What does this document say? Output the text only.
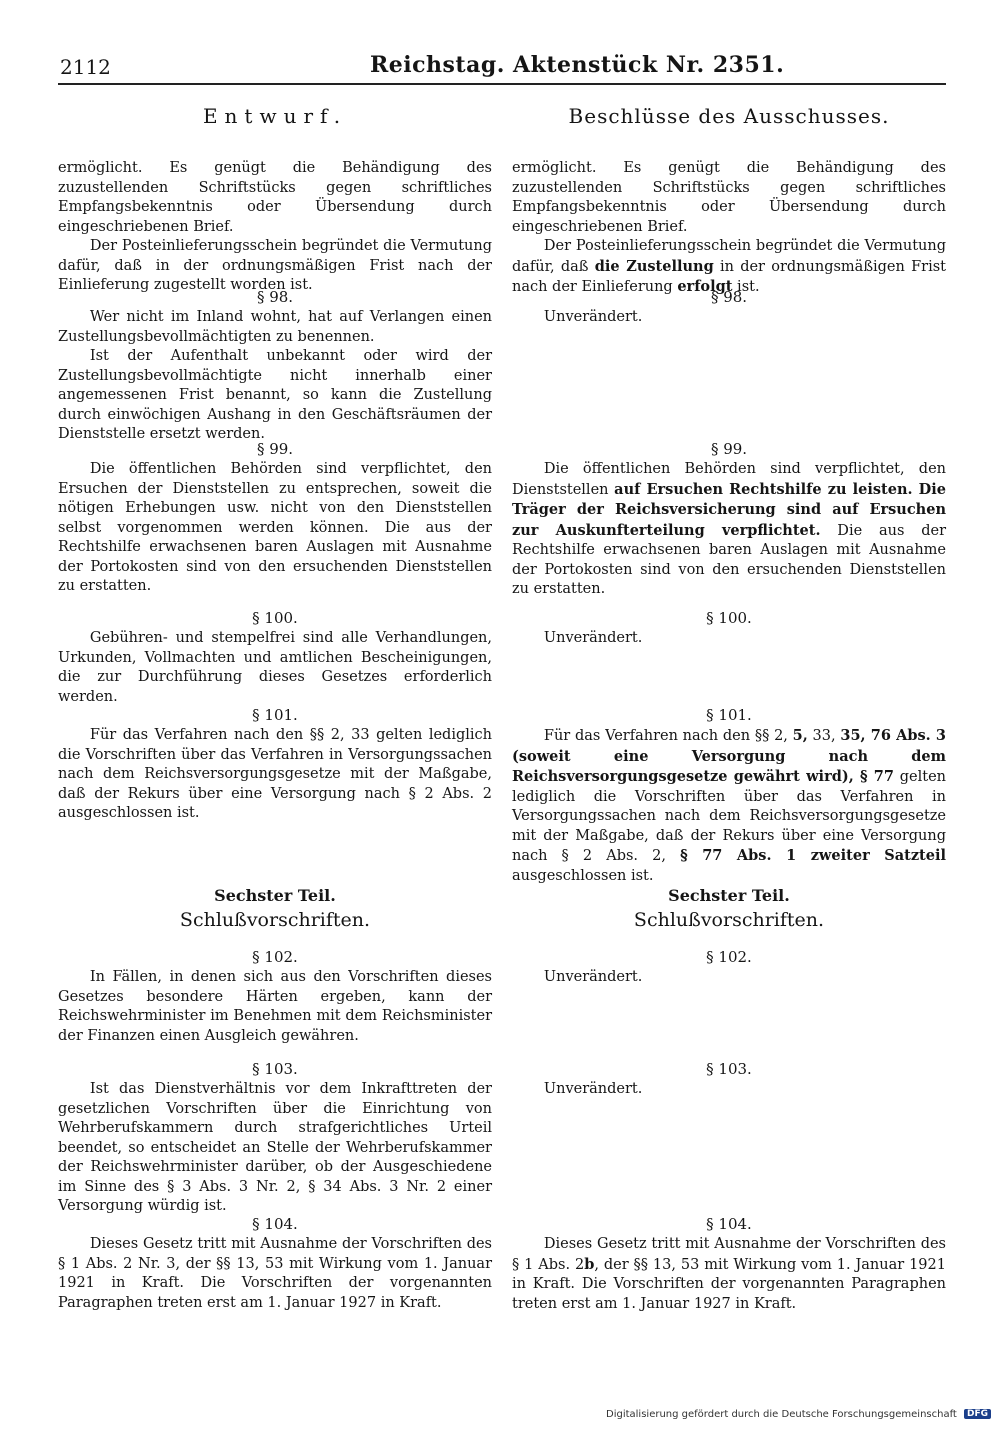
2112	Reichstag. Aktenstück Nr. 2351.
Entwurf.

ermöglicht. Es genügt die Behändigung des zuzustellenden Schriftstücks gegen schriftliches Empfangsbekenntnis oder Übersendung durch eingeschriebenen Brief.

Der Posteinlieferungsschein begründet die Vermutung dafür, daß in der ordnungsmäßigen Frist nach der Einlieferung zugestellt worden ist.

§ 98.

Wer nicht im Inland wohnt, hat auf Verlangen einen Zustellungsbevollmächtigten zu benennen.

Ist der Aufenthalt unbekannt oder wird der Zustellungsbevollmächtigte nicht innerhalb einer angemessenen Frist benannt, so kann die Zustellung durch einwöchigen Aushang in den Geschäftsräumen der Dienststelle ersetzt werden.

§ 99.

Die öffentlichen Behörden sind verpflichtet, den Ersuchen der Dienststellen zu entsprechen, soweit die nötigen Erhebungen usw. nicht von den Dienststellen selbst vorgenommen werden können. Die aus der Rechtshilfe erwachsenen baren Auslagen mit Ausnahme der Portokosten sind von den ersuchenden Dienststellen zu erstatten.

§ 100.

Gebühren- und stempelfrei sind alle Verhandlungen, Urkunden, Vollmachten und amtlichen Bescheinigungen, die zur Durchführung dieses Gesetzes erforderlich werden.

§ 101.

Für das Verfahren nach den §§ 2, 33 gelten lediglich die Vorschriften über das Verfahren in Versorgungssachen nach dem Reichsversorgungsgesetze mit der Maßgabe, daß der Rekurs über eine Versorgung nach § 2 Abs. 2 ausgeschlossen ist.

Sechster Teil.

Schlußvorschriften.

§ 102.

In Fällen, in denen sich aus den Vorschriften dieses Gesetzes besondere Härten ergeben, kann der Reichswehrminister im Benehmen mit dem Reichsminister der Finanzen einen Ausgleich gewähren.

§ 103.

Ist das Dienstverhältnis vor dem Inkrafttreten der gesetzlichen Vorschriften über die Einrichtung von Wehrberufskammern durch strafgerichtliches Urteil beendet, so entscheidet an Stelle der Wehrberufskammer der Reichswehrminister darüber, ob der Ausgeschiedene im Sinne des § 3 Abs. 3 Nr. 2, § 34 Abs. 3 Nr. 2 einer Versorgung würdig ist.

§ 104.

Dieses Gesetz tritt mit Ausnahme der Vorschriften des § 1 Abs. 2 Nr. 3, der §§ 13, 53 mit Wirkung vom 1. Januar 1921 in Kraft. Die Vorschriften der vorgenannten Paragraphen treten erst am 1. Januar 1927 in Kraft.

Beschlüsse des Ausschusses.

ermöglicht. Es genügt die Behändigung des zuzustellenden Schriftstücks gegen schriftliches Empfangsbekenntnis oder Übersendung durch eingeschriebenen Brief.

Der Posteinlieferungsschein begründet die Vermutung dafür, daß die Zustellung in der ordnungsmäßigen Frist nach der Einlieferung erfolgt ist.

§ 98.

Unverändert.

§ 99.

Die öffentlichen Behörden sind verpflichtet, den Dienststellen auf Ersuchen Rechtshilfe zu leisten. Die Träger der Reichsversicherung sind auf Ersuchen zur Auskunfterteilung verpflichtet. Die aus der Rechtshilfe erwachsenen baren Auslagen mit Ausnahme der Portokosten sind von den ersuchenden Dienststellen zu erstatten.

§ 100.

Unverändert.

§ 101.

Für das Verfahren nach den §§ 2, 5, 33, 35, 76 Abs. 3 (soweit eine Versorgung nach dem Reichsversorgungsgesetze gewährt wird), § 77 gelten lediglich die Vorschriften über das Verfahren in Versorgungssachen nach dem Reichsversorgungsgesetze mit der Maßgabe, daß der Rekurs über eine Versorgung nach § 2 Abs. 2, § 77 Abs. 1 zweiter Satzteil ausgeschlossen ist.

Sechster Teil.

Schlußvorschriften.

§ 102.

Unverändert.

§ 103.

Unverändert.

§ 104.

Dieses Gesetz tritt mit Ausnahme der Vorschriften des § 1 Abs. 2b, der §§ 13, 53 mit Wirkung vom 1. Januar 1921 in Kraft. Die Vorschriften der vorgenannten Paragraphen treten erst am 1. Januar 1927 in Kraft.

Digitalisierung gefördert durch die Deutsche Forschungsgemeinschaft DFG
